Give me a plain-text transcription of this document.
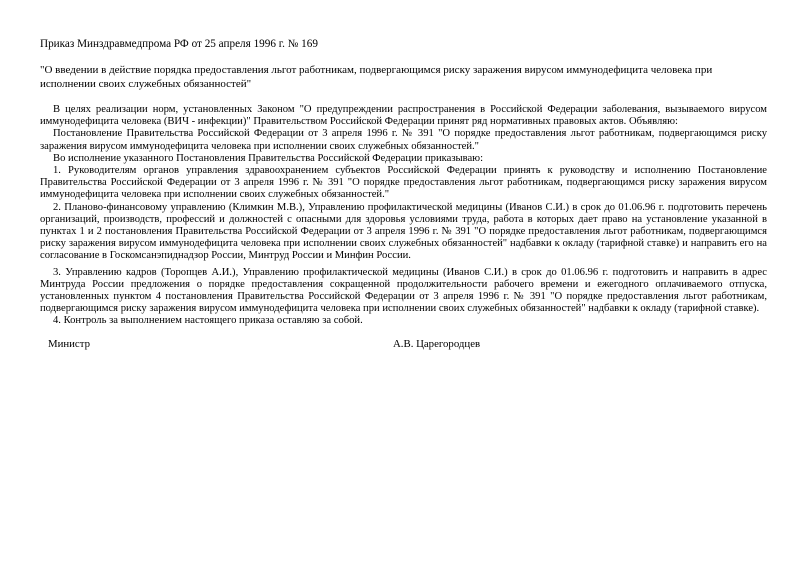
Приказ Минздравмедпрома РФ от 25 апреля 1996 г. № 169
"О введении в действие порядка предоставления льгот работникам, подвергающимся риску заражения вирусом иммунодефицита человека при исполнении своих служебных обязанностей"

В целях реализации норм, установленных Законом "О предупреждении распространения в Российской Федерации заболевания, вызываемого вирусом иммунодефицита человека (ВИЧ - инфекции)" Правительством Российской Федерации принят ряд нормативных правовых актов. Объявляю:

Постановление Правительства Российской Федерации от 3 апреля 1996 г. № 391 "О порядке предоставления льгот работникам, подвергающимся риску заражения вирусом иммунодефицита человека при исполнении своих служебных обязанностей."

Во исполнение указанного Постановления Правительства Российской Федерации приказываю:

1. Руководителям органов управления здравоохранением субъектов Российской Федерации принять к руководству и исполнению Постановление Правительства Российской Федерации от 3 апреля 1996 г. № 391 "О порядке предоставления льгот работникам, подвергающимся риску заражения вирусом иммунодефицита человека при исполнении своих служебных обязанностей."

2. Планово-финансовому управлению (Климкин М.В.), Управлению профилактической медицины (Иванов С.И.) в срок до 01.06.96 г. подготовить перечень организаций, производств, профессий и должностей с опасными для здоровья условиями труда, работа в которых дает право на установление указанной в пунктах 1 и 2 постановления Правительства Российской Федерации от 3 апреля 1996 г. № 391 "О порядке предоставления льгот работникам, подвергающимся риску заражения вирусом иммунодефицита человека при исполнении своих служебных обязанностей" надбавки к окладу (тарифной ставке) и направить его на согласование в Госкомсанэпиднадзор России, Минтруд России и Минфин России.

3. Управлению кадров (Торопцев А.И.), Управлению профилактической медицины (Иванов С.И.) в срок до 01.06.96 г. подготовить и направить в адрес Минтруда России предложения о порядке предоставления сокращенной продолжительности рабочего времени и ежегодного оплачиваемого отпуска, установленных пунктом 4 постановления Правительства Российской Федерации от 3 апреля 1996 г. № 391 "О порядке предоставления льгот работникам, подвергающимся риску заражения вирусом иммунодефицита человека при исполнении своих служебных обязанностей" надбавки к окладу (тарифной ставке).

4. Контроль за выполнением настоящего приказа оставляю за собой.

Министр	А.В. Царегородцев
